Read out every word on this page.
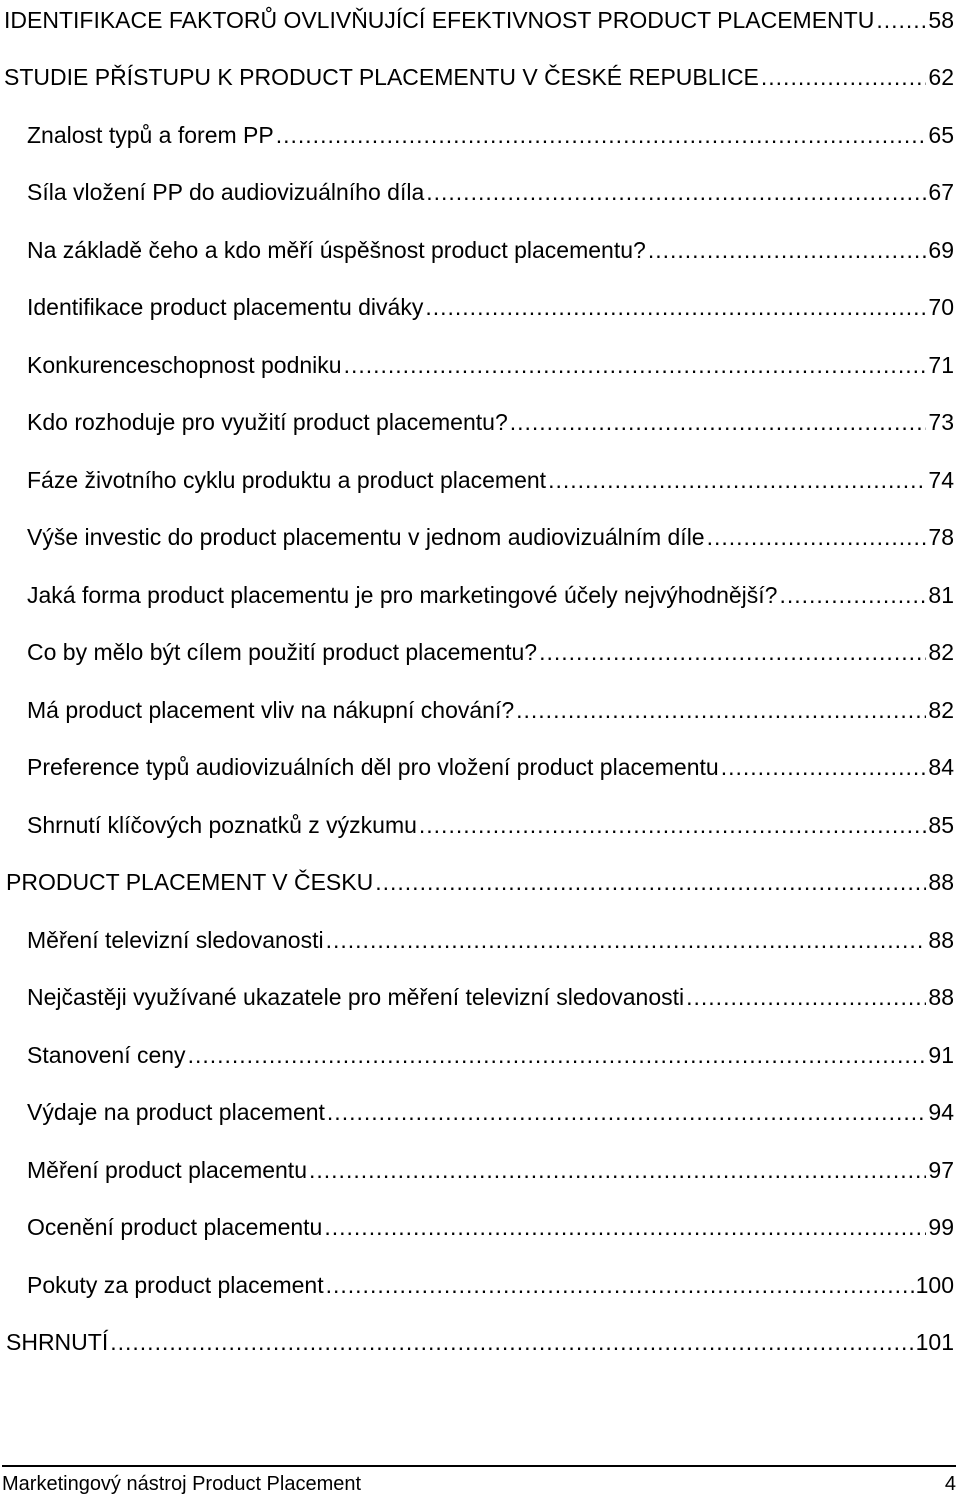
IDENTIFIKACE FAKTORŮ OVLIVŇUJÍCÍ EFEKTIVNOST PRODUCT PLACEMENTU ..... 58
STUDIE PŘÍSTUPU K PRODUCT PLACEMENTU V ČESKÉ REPUBLICE .....	62
Znalost typů a forem PP .....	65
Síla vložení PP do audiovizuálního díla .....	67
Na základě čeho a kdo měří úspěšnost product placementu? .....	69
Identifikace product placementu diváky .....	70
Konkurenceschopnost podniku .....	71
Kdo rozhoduje pro využití product placementu? .....	73
Fáze životního cyklu produktu a product placement .....	74
Výše investic do product placementu v jednom audiovizuálním díle .....	78
Jaká forma product placementu je pro marketingové účely nejvýhodnější? .....	81
Co by mělo být cílem použití product placementu? .....	82
Má product placement vliv na nákupní chování? .....	82
Preference typů audiovizuálních děl pro vložení product placementu .....	84
Shrnutí klíčových poznatků z výzkumu .....	85
PRODUCT PLACEMENT V ČESKU .....	88
Měření televizní sledovanosti .....	88
Nejčastěji využívané ukazatele pro měření televizní sledovanosti .....	88
Stanovení ceny .....	91
Výdaje na product placement .....	94
Měření product placementu .....	97
Ocenění product placementu .....	99
Pokuty za product placement .....	100
SHRNUTÍ .....	101
Marketingový nástroj Product Placement	4
